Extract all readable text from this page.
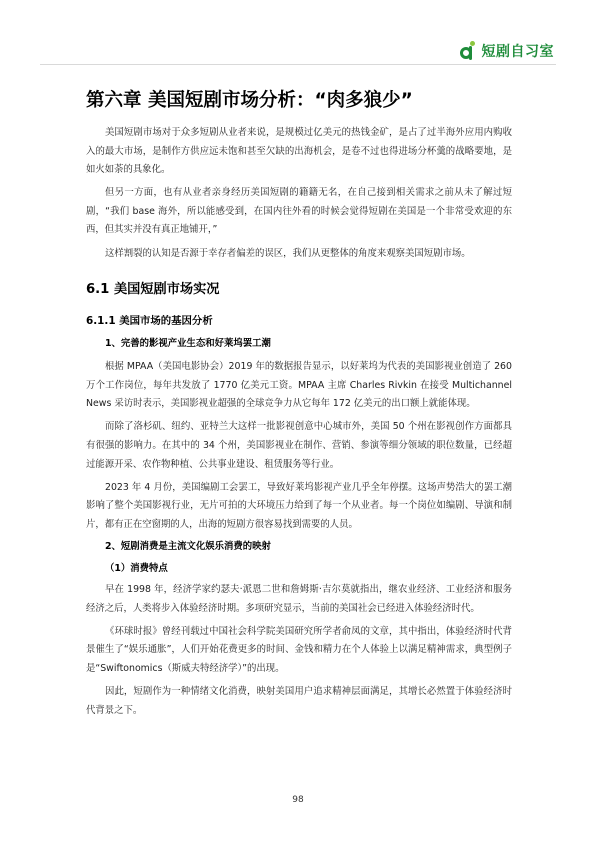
短剧自习室
第六章 美国短剧市场分析：“肉多狼少”

美国短剧市场对于众多短剧从业者来说，是规模过亿美元的热钱金矿，是占了过半海外应用内购收入的最大市场，是制作方供应远未饱和甚至欠缺的出海机会，是卷不过也得进场分杯羹的战略要地，是如火如荼的具象化。

但另一方面，也有从业者亲身经历美国短剧的籍籍无名，在自己接到相关需求之前从未了解过短剧，“我们 base 海外，所以能感受到，在国内往外看的时候会觉得短剧在美国是一个非常受欢迎的东西，但其实并没有真正地铺开，”

这样割裂的认知是否源于幸存者偏差的误区，我们从更整体的角度来观察美国短剧市场。

6.1 美国短剧市场实况
6.1.1 美国市场的基因分析
1、完善的影视产业生态和好莱坞罢工潮

根据 MPAA（美国电影协会）2019 年的数据报告显示，以好莱坞为代表的美国影视业创造了 260 万个工作岗位，每年共发放了 1770 亿美元工资。MPAA 主席 Charles Rivkin 在接受 Multichannel News 采访时表示，美国影视业超强的全球竞争力从它每年 172 亿美元的出口额上就能体现。

而除了洛杉矶、纽约、亚特兰大这样一批影视创意中心城市外，美国 50 个州在影视创作方面都具有很强的影响力。在其中的 34 个州，美国影视业在制作、营销、参演等细分领域的职位数量，已经超过能源开采、农作物种植、公共事业建设、租赁服务等行业。

2023 年 4 月份，美国编剧工会罢工，导致好莱坞影视产业几乎全年停摆。这场声势浩大的罢工潮影响了整个美国影视行业，无片可拍的大环境压力给到了每一个从业者。每一个岗位如编剧、导演和制片，都有正在空窗期的人，出海的短剧方很容易找到需要的人员。

2、短剧消费是主流文化娱乐消费的映射
（1）消费特点

早在 1998 年，经济学家约瑟夫·派恩二世和詹姆斯·吉尔莫就指出，继农业经济、工业经济和服务经济之后，人类将步入体验经济时期。多项研究显示，当前的美国社会已经进入体验经济时代。

《环球时报》曾经刊载过中国社会科学院美国研究所学者俞凤的文章，其中指出，体验经济时代背景催生了“娱乐通胀”，人们开始花费更多的时间、金钱和精力在个人体验上以满足精神需求，典型例子是“Swiftonomics（斯威夫特经济学）”的出现。

因此，短剧作为一种情绪文化消费，映射美国用户追求精神层面满足，其增长必然置于体验经济时代背景之下。

98
